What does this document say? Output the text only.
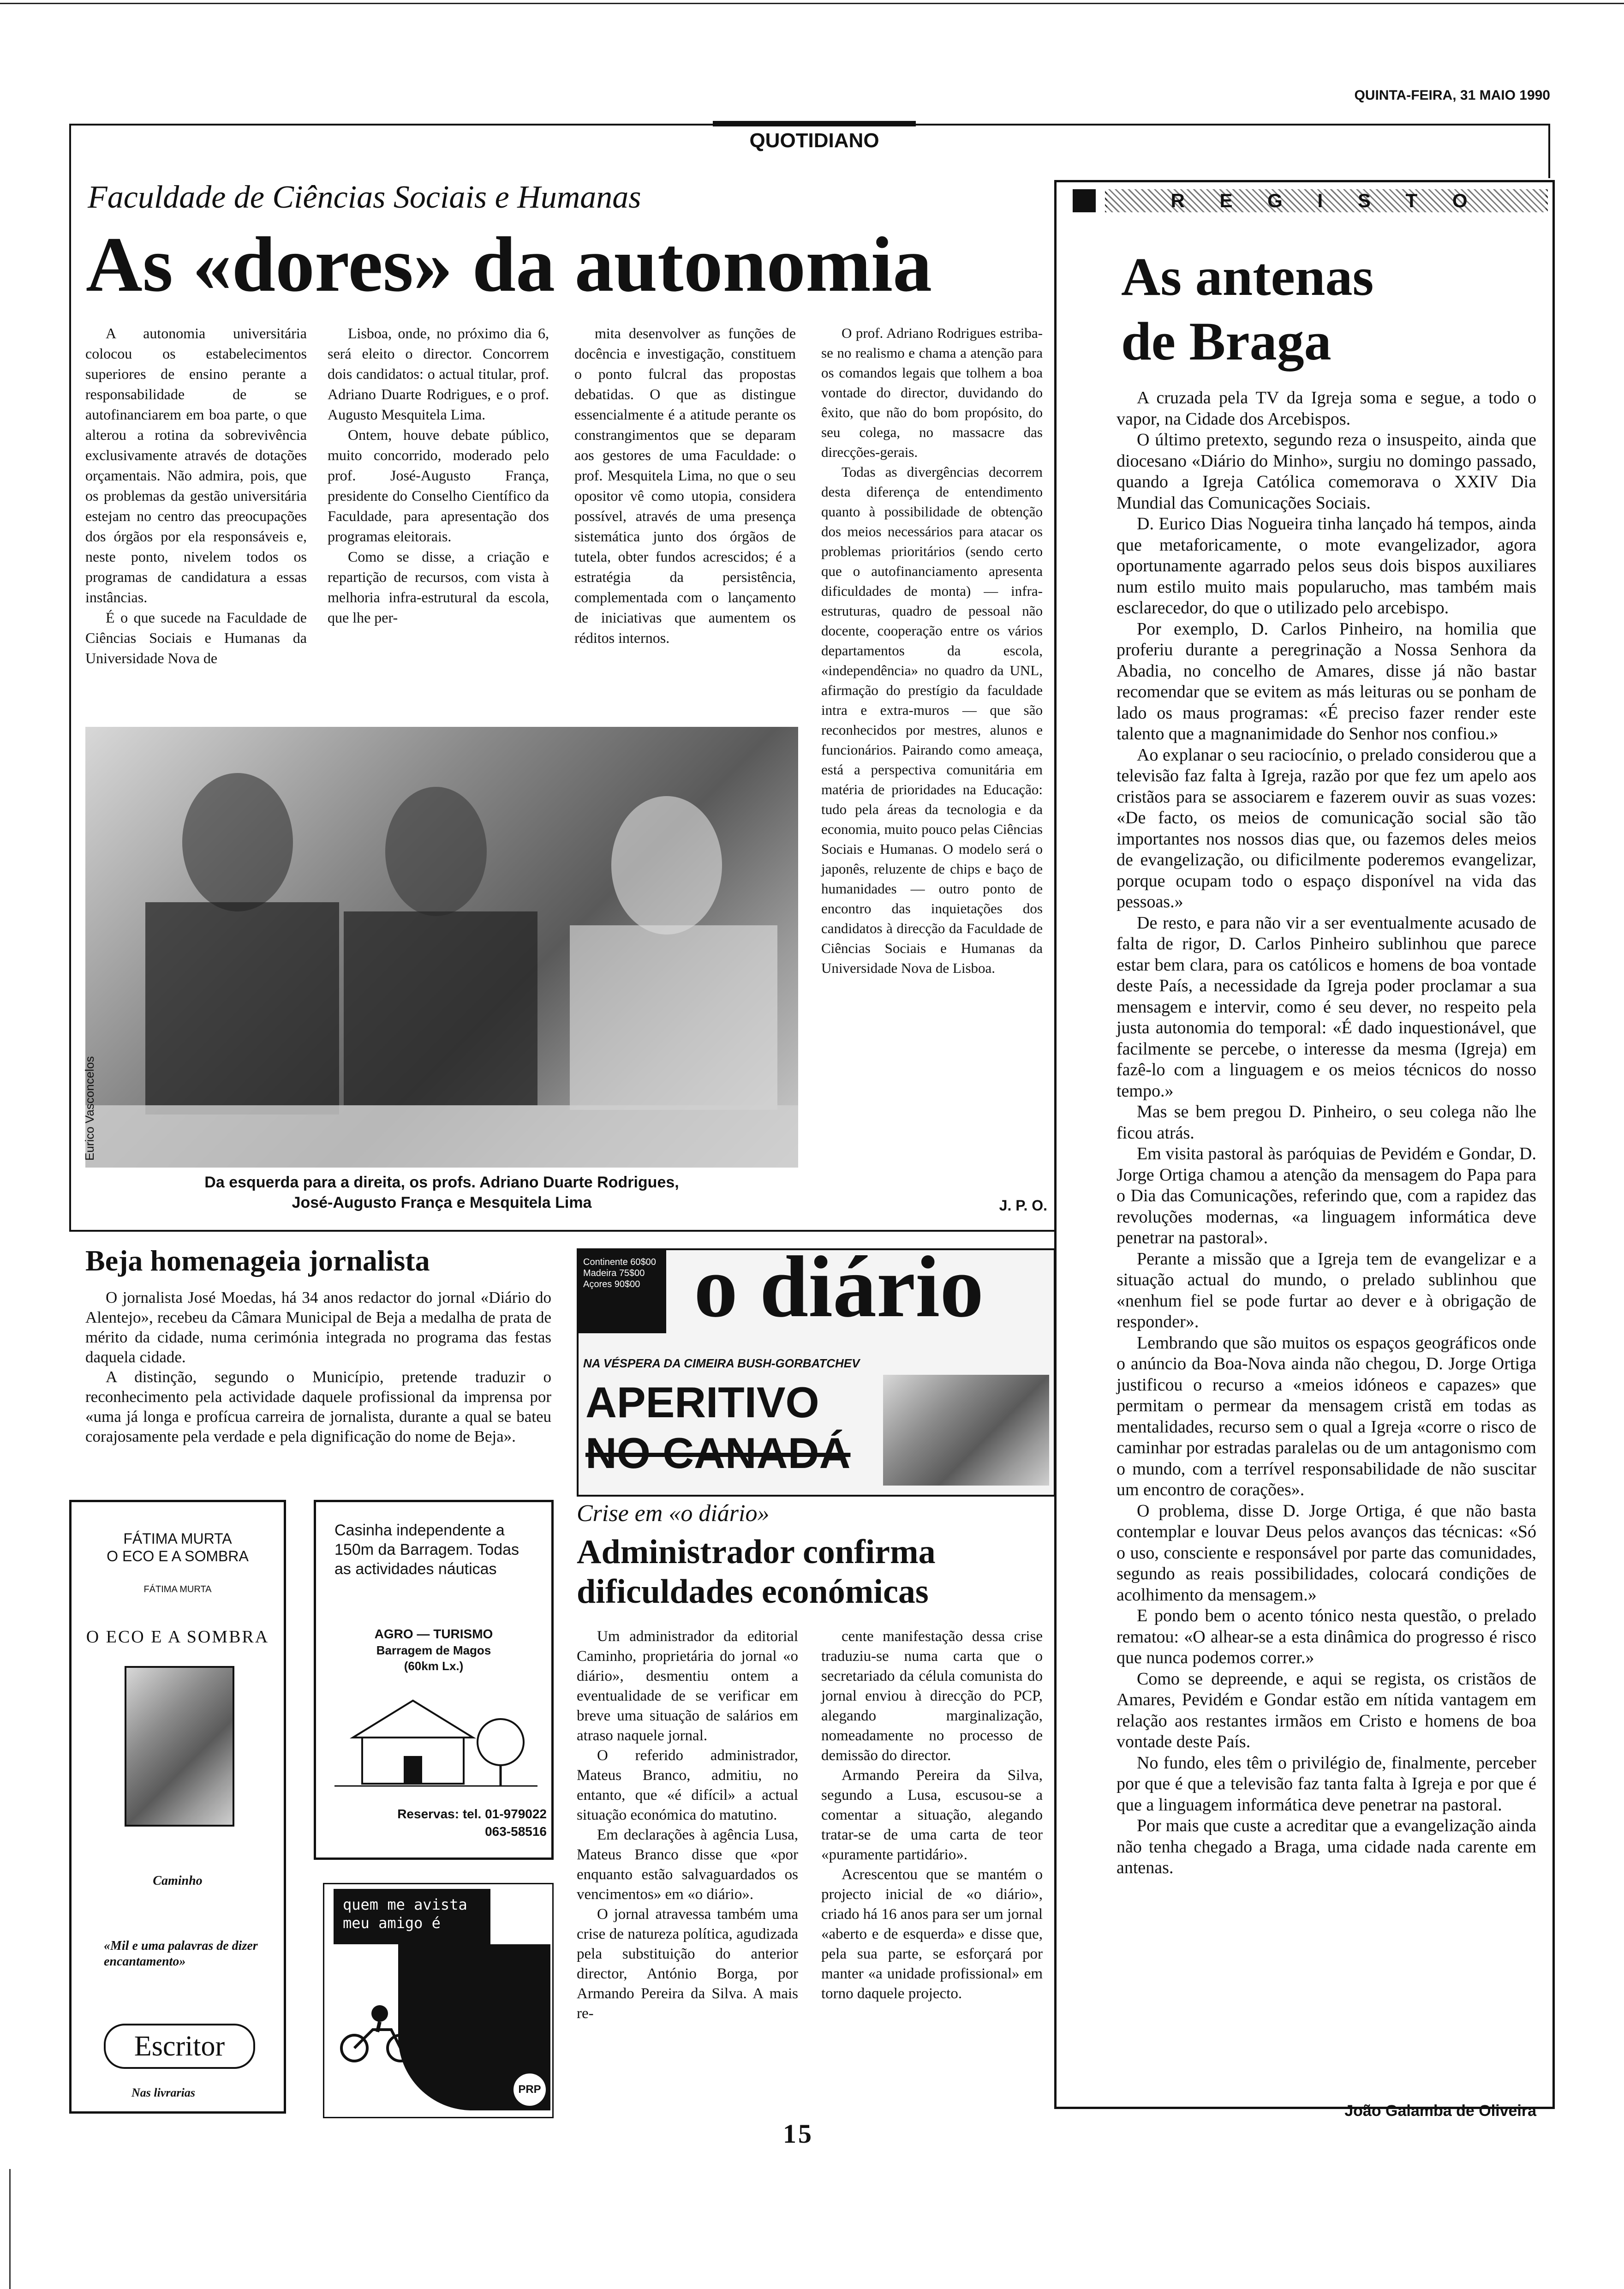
QUINTA-FEIRA, 31 MAIO 1990
QUOTIDIANO
Faculdade de Ciências Sociais e Humanas
As «dores» da autonomia

A autonomia universitária colocou os estabelecimentos superiores de ensino perante a responsabilidade de se autofinanciarem em boa parte, o que alterou a rotina da sobrevivência exclusivamente através de dotações orçamentais. Não admira, pois, que os problemas da gestão universitária estejam no centro das preocupações dos órgãos por ela responsáveis e, neste ponto, nivelem todos os programas de candidatura a essas instâncias.

É o que sucede na Faculdade de Ciências Sociais e Humanas da Universidade Nova de

Lisboa, onde, no próximo dia 6, será eleito o director. Concorrem dois candidatos: o actual titular, prof. Adriano Duarte Rodrigues, e o prof. Augusto Mesquitela Lima.

Ontem, houve debate público, muito concorrido, moderado pelo prof. José-Augusto França, presidente do Conselho Científico da Faculdade, para apresentação dos programas eleitorais.

Como se disse, a criação e repartição de recursos, com vista à melhoria infra-estrutural da escola, que lhe per-

mita desenvolver as funções de docência e investigação, constituem o ponto fulcral das propostas debatidas. O que as distingue essencialmente é a atitude perante os constrangimentos que se deparam aos gestores de uma Faculdade: o prof. Mesquitela Lima, no que o seu opositor vê como utopia, considera possível, através de uma presença sistemática junto dos órgãos de tutela, obter fundos acrescidos; é a estratégia da persistência, complementada com o lançamento de iniciativas que aumentem os réditos internos.

O prof. Adriano Rodrigues estriba-se no realismo e chama a atenção para os comandos legais que tolhem a boa vontade do director, duvidando do êxito, que não do bom propósito, do seu colega, no massacre das direcções-gerais.

Todas as divergências decorrem desta diferença de entendimento quanto à possibilidade de obtenção dos meios necessários para atacar os problemas prioritários (sendo certo que o autofinanciamento apresenta dificuldades de monta) — infra-estruturas, quadro de pessoal não docente, cooperação entre os vários departamentos da escola, «independência» no quadro da UNL, afirmação do prestígio da faculdade intra e extra-muros — que são reconhecidos por mestres, alunos e funcionários. Pairando como ameaça, está a perspectiva comunitária em matéria de prioridades na Educação: tudo pela áreas da tecnologia e da economia, muito pouco pelas Ciências Sociais e Humanas. O modelo será o japonês, reluzente de chips e baço de humanidades — outro ponto de encontro das inquietações dos candidatos à direcção da Faculdade de Ciências Sociais e Humanas da Universidade Nova de Lisboa.

Eurico Vasconcelos
Da esquerda para a direita, os profs. Adriano Duarte Rodrigues,
José-Augusto França e Mesquitela Lima	J. P. O.
R E G I S T O
As antenas
de Braga

A cruzada pela TV da Igreja soma e segue, a todo o vapor, na Cidade dos Arcebispos.

O último pretexto, segundo reza o insuspeito, ainda que diocesano «Diário do Minho», surgiu no domingo passado, quando a Igreja Católica comemorava o XXIV Dia Mundial das Comunicações Sociais.

D. Eurico Dias Nogueira tinha lançado há tempos, ainda que metaforicamente, o mote evangelizador, agora oportunamente agarrado pelos seus dois bispos auxiliares num estilo muito mais popularucho, mas também mais esclarecedor, do que o utilizado pelo arcebispo.

Por exemplo, D. Carlos Pinheiro, na homilia que proferiu durante a peregrinação a Nossa Senhora da Abadia, no concelho de Amares, disse já não bastar recomendar que se evitem as más leituras ou se ponham de lado os maus programas: «É preciso fazer render este talento que a magnanimidade do Senhor nos confiou.»

Ao explanar o seu raciocínio, o prelado considerou que a televisão faz falta à Igreja, razão por que fez um apelo aos cristãos para se associarem e fazerem ouvir as suas vozes: «De facto, os meios de comunicação social são tão importantes nos nossos dias que, ou fazemos deles meios de evangelização, ou dificilmente poderemos evangelizar, porque ocupam todo o espaço disponível na vida das pessoas.»

De resto, e para não vir a ser eventualmente acusado de falta de rigor, D. Carlos Pinheiro sublinhou que parece estar bem clara, para os católicos e homens de boa vontade deste País, a necessidade da Igreja poder proclamar a sua mensagem e intervir, como é seu dever, no respeito pela justa autonomia do temporal: «É dado inquestionável, que facilmente se percebe, o interesse da mesma (Igreja) em fazê-lo com a linguagem e os meios técnicos do nosso tempo.»

Mas se bem pregou D. Pinheiro, o seu colega não lhe ficou atrás.

Em visita pastoral às paróquias de Pevidém e Gondar, D. Jorge Ortiga chamou a atenção da mensagem do Papa para o Dia das Comunicações, referindo que, com a rapidez das revoluções modernas, «a linguagem informática deve penetrar na pastoral».

Perante a missão que a Igreja tem de evangelizar e a situação actual do mundo, o prelado sublinhou que «nenhum fiel se pode furtar ao dever e à obrigação de responder».

Lembrando que são muitos os espaços geográficos onde o anúncio da Boa-Nova ainda não chegou, D. Jorge Ortiga justificou o recurso a «meios idóneos e capazes» que permitam o permear da mensagem cristã em todas as mentalidades, recurso sem o qual a Igreja «corre o risco de caminhar por estradas paralelas ou de um antagonismo com o mundo, com a terrível responsabilidade de não suscitar um encontro de corações».

O problema, disse D. Jorge Ortiga, é que não basta contemplar e louvar Deus pelos avanços das técnicas: «Só o uso, consciente e responsável por parte das comunidades, segundo as reais possibilidades, colocará condições de acolhimento da mensagem.»

E pondo bem o acento tónico nesta questão, o prelado rematou: «O alhear-se a esta dinâmica do progresso é risco que nunca podemos correr.»

Como se depreende, e aqui se regista, os cristãos de Amares, Pevidém e Gondar estão em nítida vantagem em relação aos restantes irmãos em Cristo e homens de boa vontade deste País.

No fundo, eles têm o privilégio de, finalmente, perceber por que é que a televisão faz tanta falta à Igreja e por que é que a linguagem informática deve penetrar na pastoral.

Por mais que custe a acreditar que a evangelização ainda não tenha chegado a Braga, uma cidade nada carente em antenas.

João Galamba de Oliveira
Beja homenageia jornalista

O jornalista José Moedas, há 34 anos redactor do jornal «Diário do Alentejo», recebeu da Câmara Municipal de Beja a medalha de prata de mérito da cidade, numa cerimónia integrada no programa das festas daquela cidade.

A distinção, segundo o Município, pretende traduzir o reconhecimento pela actividade daquele profissional da imprensa por «uma já longa e profícua carreira de jornalista, durante a qual se bateu corajosamente pela verdade e pela dignificação do nome de Beja».

Continente 60$00
Madeira 75$00
Açores 90$00 o diário
NA VÉSPERA DA CIMEIRA BUSH-GORBATCHEV
APERITIVO
NO CANADÁ
Crise em «o diário»
Administrador confirma
dificuldades económicas

Um administrador da editorial Caminho, proprietária do jornal «o diário», desmentiu ontem a eventualidade de se verificar em breve uma situação de salários em atraso naquele jornal.

O referido administrador, Mateus Branco, admitiu, no entanto, que «é difícil» a actual situação económica do matutino.

Em declarações à agência Lusa, Mateus Branco disse que «por enquanto estão salvaguardados os vencimentos» em «o diário».

O jornal atravessa também uma crise de natureza política, agudizada pela substituição do anterior director, António Borga, por Armando Pereira da Silva. A mais re-

cente manifestação dessa crise traduziu-se numa carta que o secretariado da célula comunista do jornal enviou à direcção do PCP, alegando marginalização, nomeadamente no processo de demissão do director.

Armando Pereira da Silva, segundo a Lusa, escusou-se a comentar a situação, alegando tratar-se de uma carta de teor «puramente partidário».

Acrescentou que se mantém o projecto inicial de «o diário», criado há 16 anos para ser um jornal «aberto e de esquerda» e disse que, pela sua parte, se esforçará por manter «a unidade profissional» em torno daquele projecto.

FÁTIMA MURTA
O ECO E A SOMBRA
FÁTIMA MURTA
O ECO E A SOMBRA
Caminho
«Mil e uma palavras de dizer encantamento»
Escritor
Nas livrarias
Casinha independente a 150m da Barragem. Todas as actividades náuticas
AGRO — TURISMO
Barragem de Magos
(60km Lx.)
Reservas: tel. 01-979022
063-58516
quem me avista
meu amigo é
PRP
15
